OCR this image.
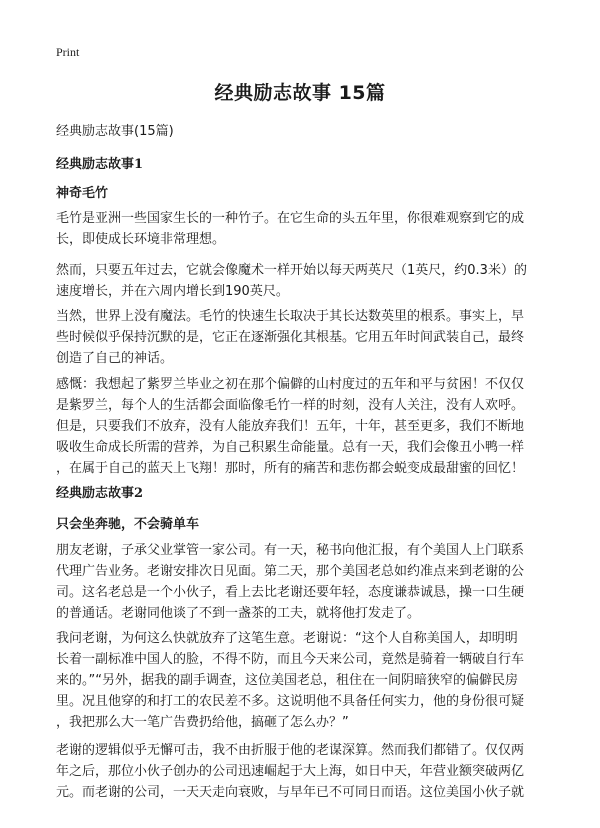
Print
经典励志故事 15篇
经典励志故事(15篇)
经典励志故事1
神奇毛竹
毛竹是亚洲一些国家生长的一种竹子。在它生命的头五年里，你很难观察到它的成
长，即使成长环境非常理想。
然而，只要五年过去，它就会像魔术一样开始以每天两英尺（1英尺，约0.3米）的
速度增长，并在六周内增长到190英尺。
当然，世界上没有魔法。毛竹的快速生长取决于其长达数英里的根系。事实上，早
些时候似乎保持沉默的是，它正在逐渐强化其根基。它用五年时间武装自己，最终
创造了自己的神话。
感慨：我想起了紫罗兰毕业之初在那个偏僻的山村度过的五年和平与贫困！不仅仅
是紫罗兰，每个人的生活都会面临像毛竹一样的时刻，没有人关注，没有人欢呼。
但是，只要我们不放弃，没有人能放弃我们！五年，十年，甚至更多，我们不断地
吸收生命成长所需的营养，为自己积累生命能量。总有一天，我们会像丑小鸭一样
，在属于自己的蓝天上飞翔！那时，所有的痛苦和悲伤都会蜕变成最甜蜜的回忆！
经典励志故事2
只会坐奔驰，不会骑单车
朋友老谢，子承父业掌管一家公司。有一天，秘书向他汇报，有个美国人上门联系
代理广告业务。老谢安排次日见面。第二天，那个美国老总如约准点来到老谢的公
司。这名老总是一个小伙子，看上去比老谢还要年轻，态度谦恭诚恳，操一口生硬
的普通话。老谢同他谈了不到一盏茶的工夫，就将他打发走了。
我问老谢，为何这么快就放弃了这笔生意。老谢说：“这个人自称美国人，却明明
长着一副标准中国人的脸，不得不防，而且今天来公司，竟然是骑着一辆破自行车
来的。”“另外，据我的副手调查，这位美国老总，租住在一间阴暗狭窄的偏僻民房
里。况且他穿的和打工的农民差不多。这说明他不具备任何实力，他的身份很可疑
，我把那么大一笔广告费扔给他，搞砸了怎么办？”
老谢的逻辑似乎无懈可击，我不由折服于他的老谋深算。然而我们都错了。仅仅两
年之后，那位小伙子创办的公司迅速崛起于大上海，如日中天，年营业额突破两亿
元。而老谢的公司，一天天走向衰败，与早年已不可同日而语。这位美国小伙子就
